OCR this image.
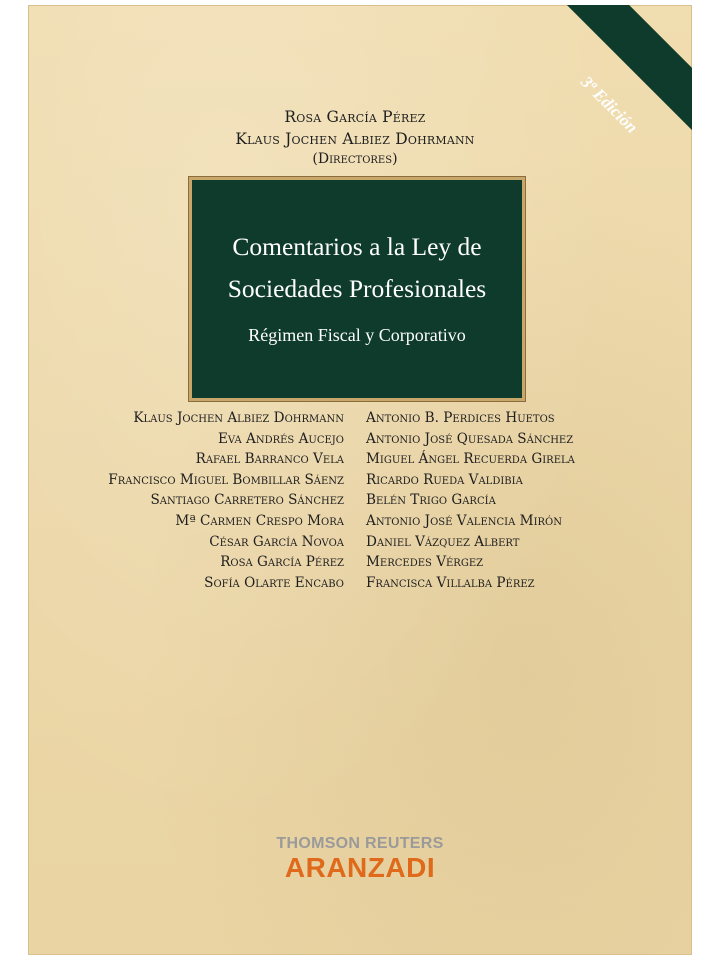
3ª Edición
Rosa García Pérez
Klaus Jochen Albiez Dohrmann
(Directores)
Comentarios a la Ley de
Sociedades Profesionales
Régimen Fiscal y Corporativo
Klaus Jochen Albiez Dohrmann
Eva Andrés Aucejo
Rafael Barranco Vela
Francisco Miguel Bombillar Sáenz
Santiago Carretero Sánchez
Mª Carmen Crespo Mora
César García Novoa
Rosa García Pérez
Sofía Olarte Encabo
Antonio B. Perdices Huetos
Antonio José Quesada Sánchez
Miguel Ángel Recuerda Girela
Ricardo Rueda Valdibia
Belén Trigo García
Antonio José Valencia Mirón
Daniel Vázquez Albert
Mercedes Vérgez
Francisca Villalba Pérez
THOMSON REUTERS
ARANZADI
